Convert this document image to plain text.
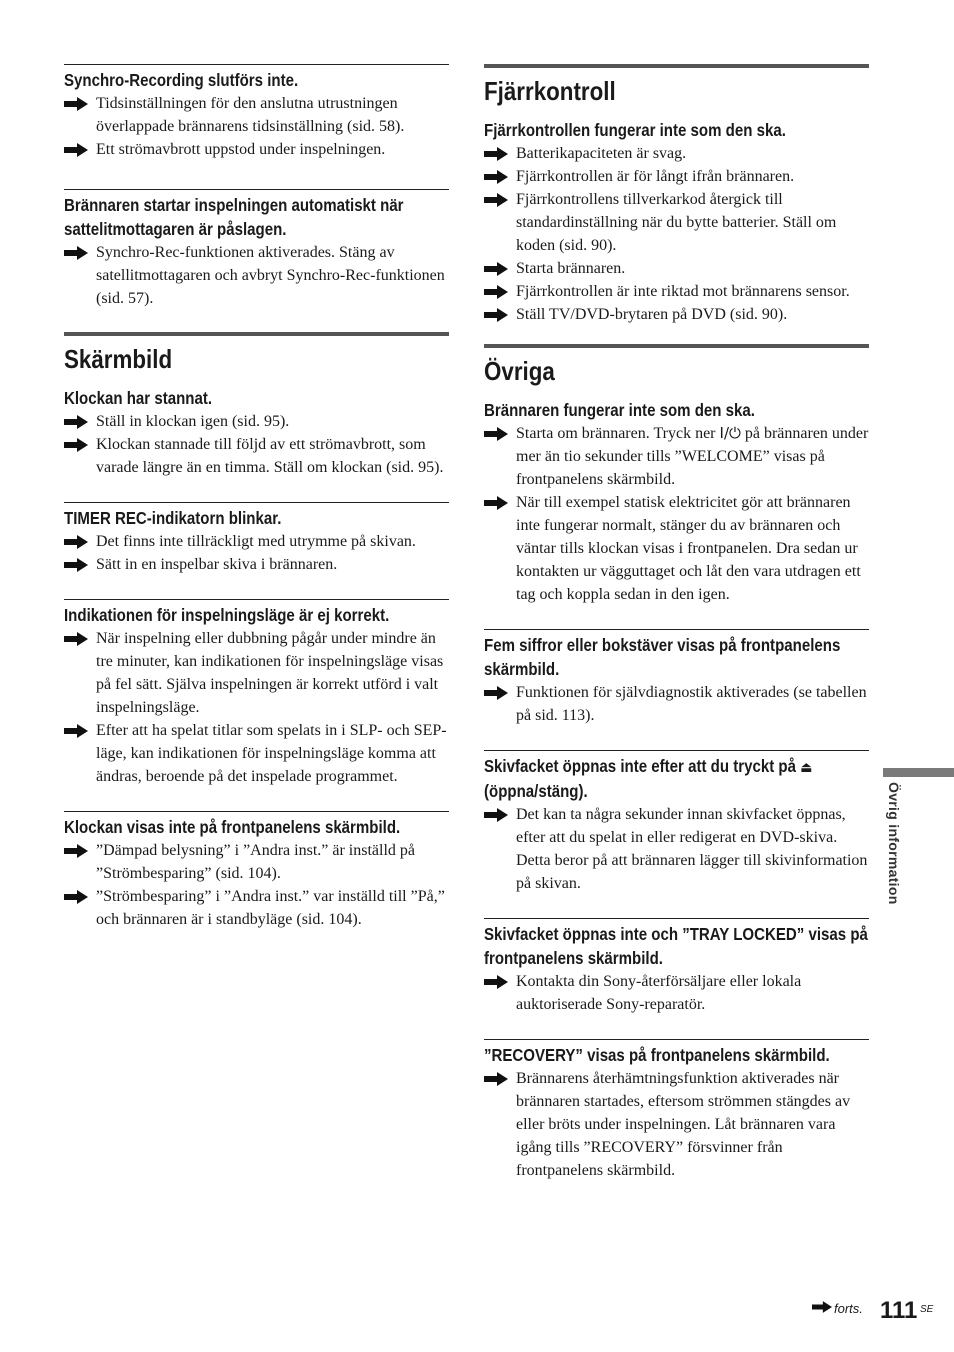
Synchro-Recording slutförs inte.

Tidsinställningen för den anslutna utrustningen överlappade brännarens tidsinställning (sid. 58).
Ett strömavbrott uppstod under inspelningen.

Brännaren startar inspelningen automatiskt när sattelitmottagaren är påslagen.

Synchro-Rec-funktionen aktiverades. Stäng av satellitmottagaren och avbryt Synchro-Rec-funktionen (sid. 57).

Skärmbild

Klockan har stannat.

Ställ in klockan igen (sid. 95).
Klockan stannade till följd av ett strömavbrott, som varade längre än en timma. Ställ om klockan (sid. 95).

TIMER REC-indikatorn blinkar.

Det finns inte tillräckligt med utrymme på skivan.
Sätt in en inspelbar skiva i brännaren.

Indikationen för inspelningsläge är ej korrekt.

När inspelning eller dubbning pågår under mindre än tre minuter, kan indikationen för inspelningsläge visas på fel sätt. Själva inspelningen är korrekt utförd i valt inspelningsläge.
Efter att ha spelat titlar som spelats in i SLP- och SEP-läge, kan indikationen för inspelningsläge komma att ändras, beroende på det inspelade programmet.

Klockan visas inte på frontpanelens skärmbild.

”Dämpad belysning” i ”Andra inst.” är inställd på ”Strömbesparing” (sid. 104).
”Strömbesparing” i ”Andra inst.” var inställd till ”På,” och brännaren är i standbyläge (sid. 104).

Fjärrkontroll

Fjärrkontrollen fungerar inte som den ska.

Batterikapaciteten är svag.
Fjärrkontrollen är för långt ifrån brännaren.
Fjärrkontrollens tillverkarkod återgick till standardinställning när du bytte batterier. Ställ om koden (sid. 90).
Starta brännaren.
Fjärrkontrollen är inte riktad mot brännarens sensor.
Ställ TV/DVD-brytaren på DVD (sid. 90).

Övriga

Brännaren fungerar inte som den ska.

Starta om brännaren. Tryck ner I/⏻ på brännaren under mer än tio sekunder tills ”WELCOME” visas på frontpanelens skärmbild.
När till exempel statisk elektricitet gör att brännaren inte fungerar normalt, stänger du av brännaren och väntar tills klockan visas i frontpanelen. Dra sedan ur kontakten ur vägguttaget och låt den vara utdragen ett tag och koppla sedan in den igen.

Fem siffror eller bokstäver visas på frontpanelens skärmbild.

Funktionen för självdiagnostik aktiverades (se tabellen på sid. 113).

Skivfacket öppnas inte efter att du tryckt på ⏏ (öppna/stäng).

Det kan ta några sekunder innan skivfacket öppnas, efter att du spelat in eller redigerat en DVD-skiva. Detta beror på att brännaren lägger till skivinformation på skivan.

Skivfacket öppnas inte och ”TRAY LOCKED” visas på frontpanelens skärmbild.

Kontakta din Sony-återförsäljare eller lokala auktoriserade Sony-reparatör.

”RECOVERY” visas på frontpanelens skärmbild.

Brännarens återhämtningsfunktion aktiverades när brännaren startades, eftersom strömmen stängdes av eller bröts under inspelningen. Låt brännaren vara igång tills ”RECOVERY” försvinner från frontpanelens skärmbild.
Övrig information
forts. 111 SE
